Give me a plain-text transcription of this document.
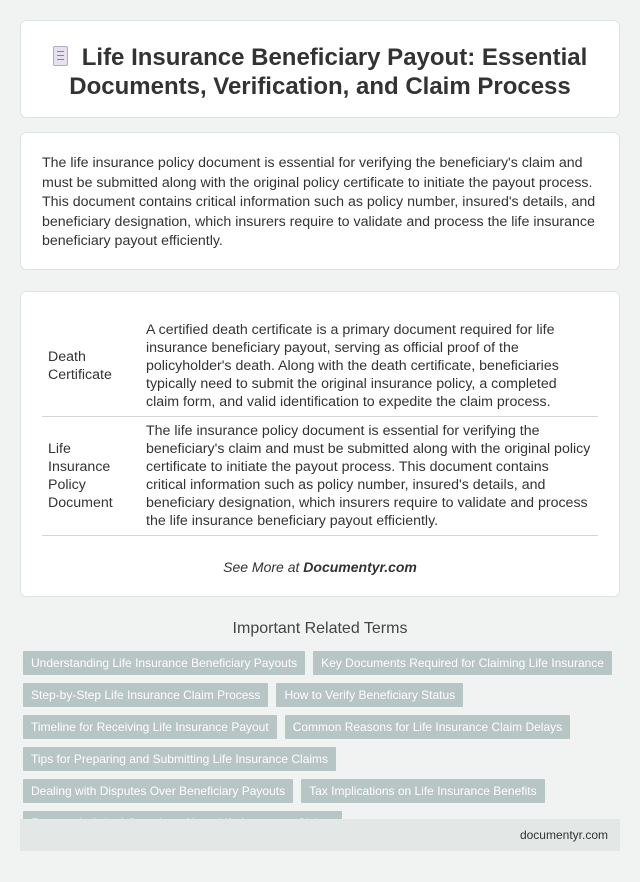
Life Insurance Beneficiary Payout: Essential Documents, Verification, and Claim Process

The life insurance policy document is essential for verifying the beneficiary's claim and must be submitted along with the original policy certificate to initiate the payout process. This document contains critical information such as policy number, insured's details, and beneficiary designation, which insurers require to validate and process the life insurance beneficiary payout efficiently.

Death Certificate	A certified death certificate is a primary document required for life insurance beneficiary payout, serving as official proof of the policyholder's death. Along with the death certificate, beneficiaries typically need to submit the original insurance policy, a completed claim form, and valid identification to expedite the claim process.
Life Insurance Policy Document	The life insurance policy document is essential for verifying the beneficiary's claim and must be submitted along with the original policy certificate to initiate the payout process. This document contains critical information such as policy number, insured's details, and beneficiary designation, which insurers require to validate and process the life insurance beneficiary payout efficiently.
See More at Documentyr.com
Important Related Terms
Understanding Life Insurance Beneficiary Payouts	Key Documents Required for Claiming Life Insurance
Step-by-Step Life Insurance Claim Process	How to Verify Beneficiary Status
Timeline for Receiving Life Insurance Payout	Common Reasons for Life Insurance Claim Delays
Tips for Preparing and Submitting Life Insurance Claims
Dealing with Disputes Over Beneficiary Payouts	Tax Implications on Life Insurance Benefits
documentyr.com
